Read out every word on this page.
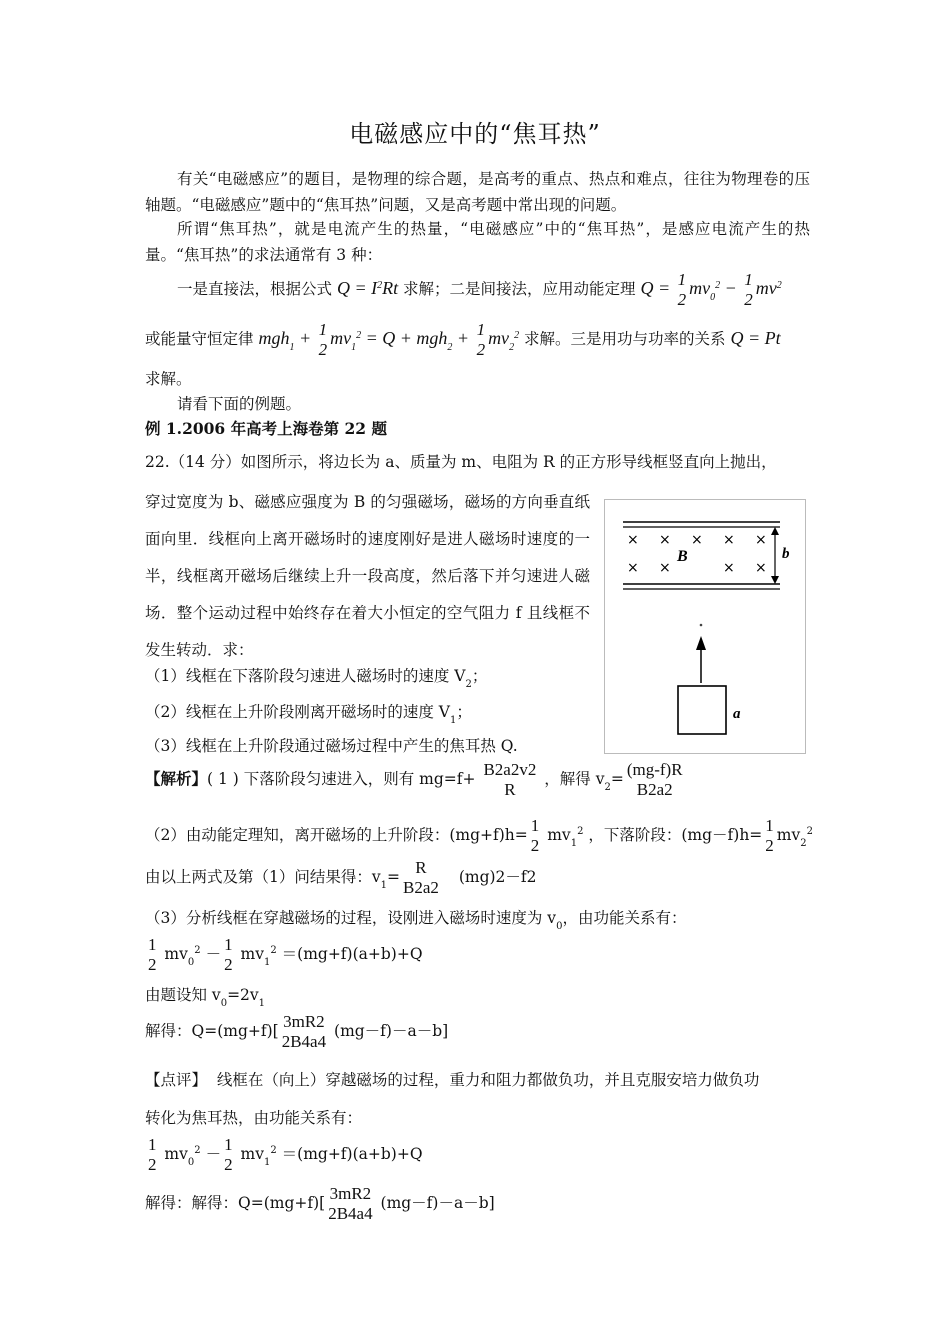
电磁感应中的“焦耳热”
有关“电磁感应”的题目，是物理的综合题，是高考的重点、热点和难点，往往为物理卷的压轴题。“电磁感应”题中的“焦耳热”问题，又是高考题中常出现的问题。
所谓“焦耳热”，就是电流产生的热量，“电磁感应”中的“焦耳热”，是感应电流产生的热量。“焦耳热”的求法通常有 3 种：
一是直接法，根据公式 $Q = I^2Rt$ 求解；二是间接法，应用动能定理 Q = 1
2
$mv_0^2 - 1$
2
$mv^2$
或能量守恒定律 mgh$_1$ + 1
2
$mv_1^2 = Q + mgh_2 + 1$
2
$mv_2^2$ 求解。三是用功与功率的关系 Q = Pt
求解。
请看下面的例题。
例 1.2006 年高考上海卷第 22 题
22.（14 分）如图所示，将边长为 a、质量为 m、电阻为 R 的正方形导线框竖直向上抛出，
穿过宽度为 b、磁感应强度为 B 的匀强磁场，磁场的方向垂直纸面向里．线框向上离开磁场时的速度刚好是进人磁场时速度的一半，线框离开磁场后继续上升一段高度，然后落下并匀速进人磁场．整个运动过程中始终存在着大小恒定的空气阻力 f 且线框不发生转动．求：
（1）线框在下落阶段匀速进人磁场时的速度 $V_2$；
（2）线框在上升阶段刚离开磁场时的速度 $V_1$；
（3）线框在上升阶段通过磁场过程中产生的焦耳热 Q.
× × × × ×
× ×	× ×
B	b
a
【解析】( 1 ) 下落阶段匀速进入，则有 mg=f+ B2a2v2
R
，解得 $v_2= (mg-f)R$
B2a2
（2）由动能定理知，离开磁场的上升阶段：(mg+f)h= 1
2
$mv_1^2$ ，下落阶段：(mg－f)h= 1
2
$mv_2^2$
由以上两式及第（1）问结果得：$v_1= R$
B2a2
(mg)2－f2
（3）分析线框在穿越磁场的过程，设刚进入磁场时速度为 $v_0$，由功能关系有：
1
2
$mv_0^2 - 1$
2
$mv_1^2 =(mg+f)(a+b)+Q$
由题设知 $v_0=2v_1$
解得：Q=(mg+f)[ 3mR2
2B4a4
(mg－f)－a－b]
【点评】 线框在（向上）穿越磁场的过程，重力和阻力都做负功，并且克服安培力做负功
转化为焦耳热，由功能关系有：
1
2
$mv_0^2 - 1$
2
$mv_1^2 =(mg+f)(a+b)+Q$
解得：解得：Q=(mg+f)[ 3mR2
2B4a4
(mg－f)－a－b]
